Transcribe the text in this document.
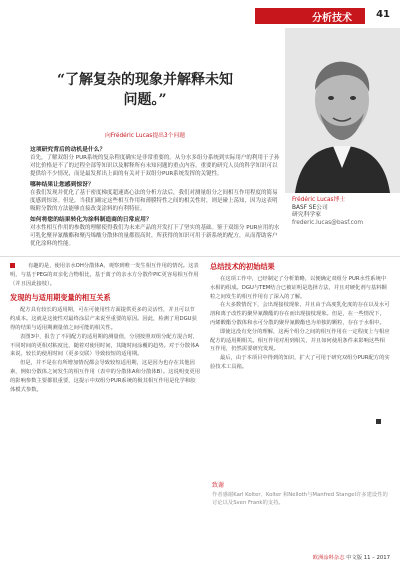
分析技术 41
“了解复杂的现象并解释未知问题。”
向Frédéric Lucas提出3个问题
这项研究背后的动机是什么？
首先，了解双组分 PUR系统的复杂程度确实是非常重要的。从分水多组分系统到实际用户的利用于子孙对比价格是不了的过程全部等知识以及解释所有未知问题的重点内容。重要的研究人员的科学知识可以提供给不少情况，而是最发挥出上面的有关对于双组分PUR系统发挥的关键性。
哪种结果让您感到惊讶？
在我们发现并优化了基于密度梯度超速离心法的分析方法后，我们对测量组分之间相互作用程度的简易度感到惊讶。但是，当我们确定这些相互作用和薄膜特性之间的相关性时，则是碰上荡知，因为这表明吸附分散的方法能够直接改变涂料的有利特征。
如何将您的结果转化为涂料制造商的日常应用？
对水性相互作用的参数的理解使得我们为未来产品的开发打下了坚实的基础。鉴于双组分 PUR应用的水可乳化聚异氰酸酯和聚丙烯酸分散体的量都很高时，所获得的知识可用于新系统的配方，从而帮助客户优化涂料的性能。
Frédéric Lucas博士
BASF SE公司
研究科学家
frederic.lucas@basf.com

有趣的是，使用亲水OH分散体A，观察到唯一发生相互作用的情况。这表明，与基于PEG的双亲化合物相比，基于离子的亲水方分散作PIC更容易相互作用（并且因此接枝）。

发现的与适用期变量的相互关系

配方具有较长的适用期，可在可使用性方面提供更多的灵活性，并且可以节约成本。这就是这使性对最终涂层产来说至重要的原因。因此，检测了用DGU获得的结果与适用期测量值之间可能的相关性。

表图3中，报告了不同配方的适用期的测量值，分别按照双组分配方混合时，不同时间的更相对粘度比，随着对使用时间，其随时间涂覆的趋势。对于分散体A来说，较长的使用时间（更多交联）导致较短的适用期。

但是，并不是在有所增加情况都会导致较短适用期，这是因为也存在其他因素，例如分散体之间发生的相互作用（表中的分散体A和分散体B）。这说明变更用的影响参数主要都很重要，这提示中双组分PUR系统的极其相互作用是化学和胶体模式参数。

总结技术的初始结果

在这项工作中，已经制定了分析策略，以便确定双组分 PUR水性系统中水相的组成。DGU与TEM结合已被证明是选择方法，并且对硬化剂与基料颗粒之间发生的相互作用有了深入的了解。

在大多数情况下，会出现接枝现象，并且由于高度乳化度的存在以及水可溶和离子改性的聚异氰酸酯的存在而出现接枝现象。但是，在一些情况下，丙烯酸酯分散体和水可分散的聚异氰酸酯也为单独的颗粒，存在于水相中。

即使这没有充分的理解，这两个组分之间的相互作用在一定程度上与相应配方的适用期相关。相互作用对用到相关，并且如何使用条件来影响这些相互作用，仍然需要研究发现。

最后，由于本项目中得到的知识，扩大了可用于研究双组分PUR配方的实验技术工具箱。

致谢
作者感谢Karl Kolter、Kolter 和Nelloth与Manfred Stangel许多建设性的讨论以及Sven Frank的支持。
欧洲涂料杂志 中文版 11 – 2017
